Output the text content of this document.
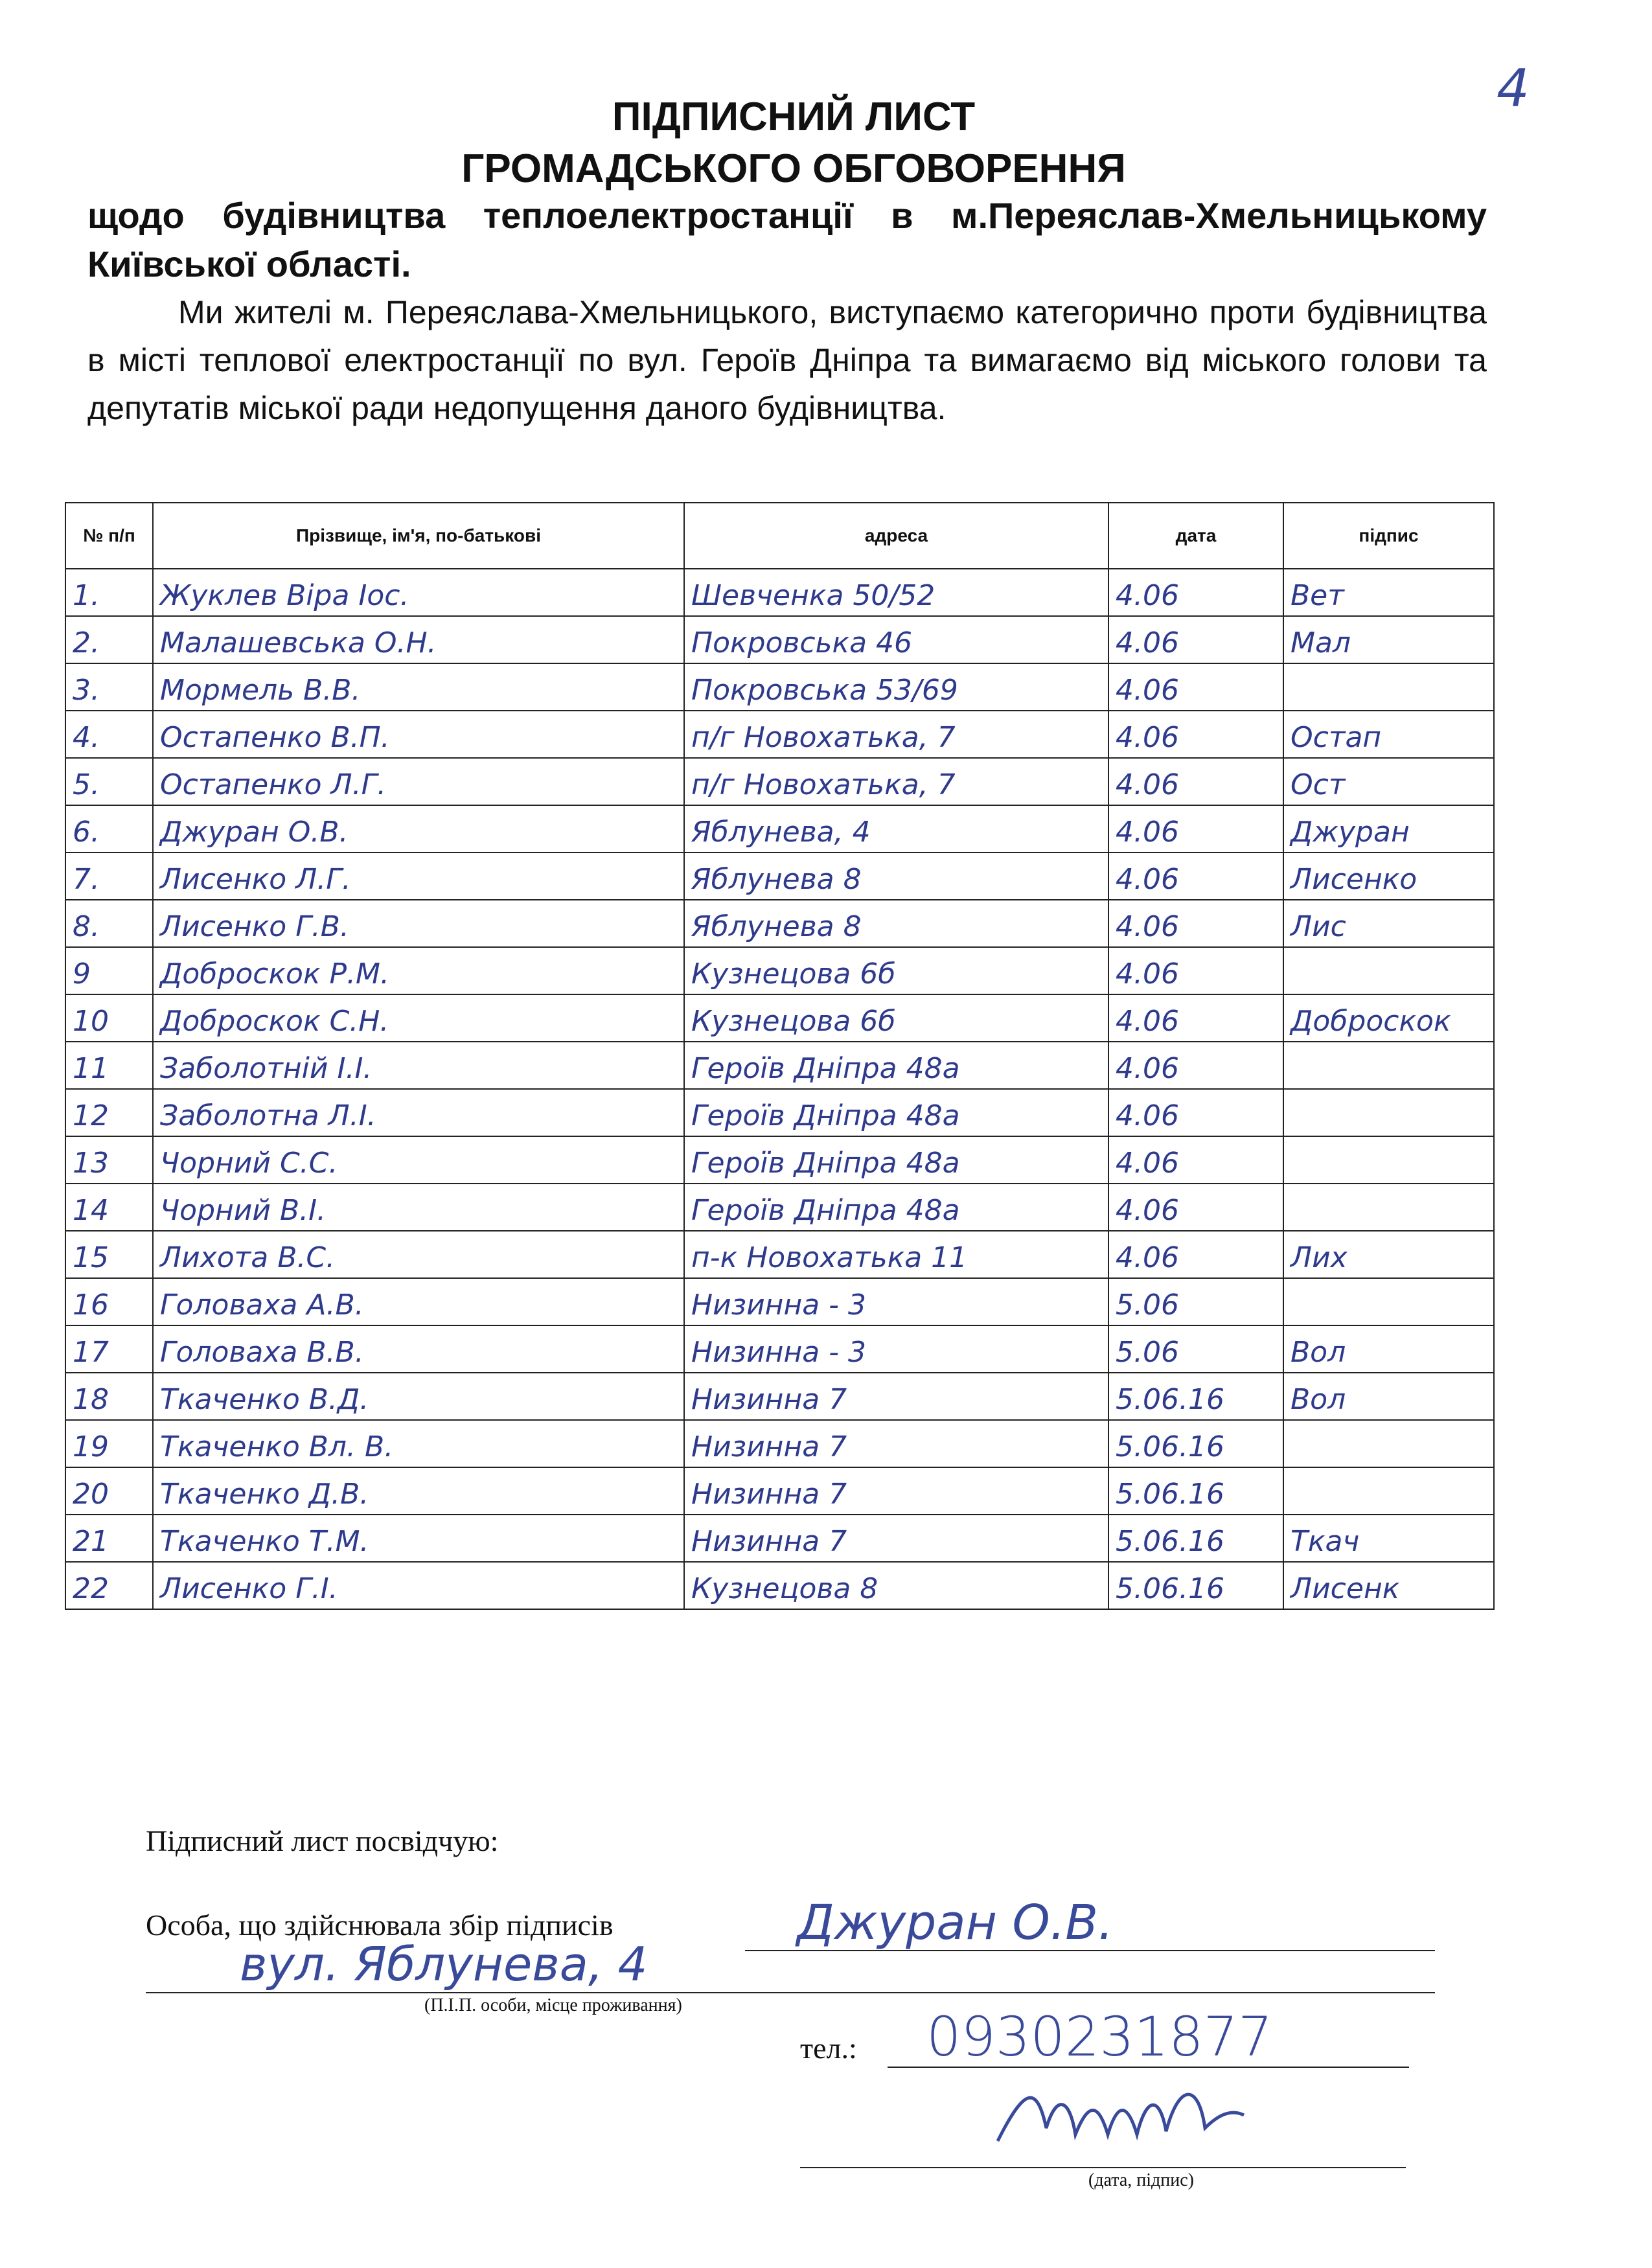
4
ПІДПИСНИЙ ЛИСТ
ГРОМАДСЬКОГО ОБГОВОРЕННЯ
щодо будівництва теплоелектростанції в м.Переяслав-Хмельницькому
Київської області.
Ми жителі м. Переяслава-Хмельницького, виступаємо категорично проти будівництва в місті теплової електростанції по вул. Героїв Дніпра та вимагаємо від міського голови та депутатів міської ради недопущення даного будівництва.
№ п/п	Прізвище, ім'я, по-батькові	адреса	дата	підпис
1.	Жуклев Віра Іос.	Шевченка 50/52	4.06	Вет
2.	Малашевська О.Н.	Покровська 46	4.06	Мал
3.	Мормель В.В.	Покровська 53/69	4.06	
4.	Остапенко В.П.	п/г Новохатька, 7	4.06	Остап
5.	Остапенко Л.Г.	п/г Новохатька, 7	4.06	Ост
6.	Джуран О.В.	Яблунева, 4	4.06	Джуран
7.	Лисенко Л.Г.	Яблунева 8	4.06	Лисенко
8.	Лисенко Г.В.	Яблунева 8	4.06	Лис
9	Доброскок Р.М.	Кузнецова 6б	4.06	
10	Доброскок С.Н.	Кузнецова 6б	4.06	Доброскок
11	Заболотній І.І.	Героїв Дніпра 48а	4.06	
12	Заболотна Л.І.	Героїв Дніпра 48а	4.06	
13	Чорний С.С.	Героїв Дніпра 48а	4.06	
14	Чорний В.І.	Героїв Дніпра 48а	4.06	
15	Лихота В.С.	п-к Новохатька 11	4.06	Лих
16	Головаха А.В.	Низинна - 3	5.06	
17	Головаха В.В.	Низинна - 3	5.06	Вол
18	Ткаченко В.Д.	Низинна 7	5.06.16	Вол
19	Ткаченко Вл. В.	Низинна 7	5.06.16	
20	Ткаченко Д.В.	Низинна 7	5.06.16	
21	Ткаченко Т.М.	Низинна 7	5.06.16	Ткач
22	Лисенко Г.І.	Кузнецова 8	5.06.16	Лисенк
Підписний лист посвідчую:
Особа, що здійснювала збір підписів	Джуран О.В.
вул. Яблунева, 4
(П.І.П. особи, місце проживання)
тел.: 0930231877
(дата, підпис)
